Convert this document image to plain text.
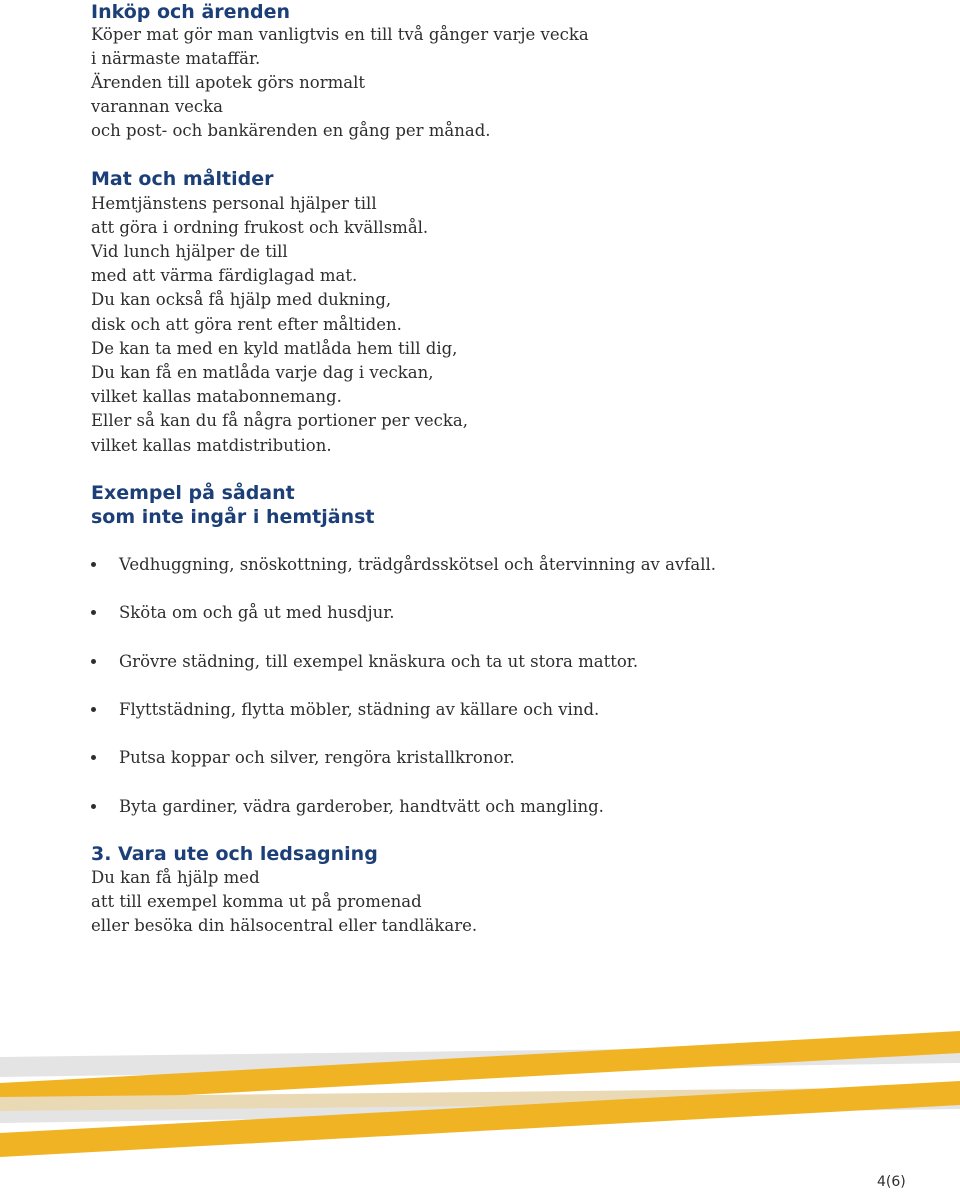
Inköp och ärenden

Köper mat gör man vanligtvis en till två gånger varje vecka

i närmaste mataffär.

Ärenden till apotek görs normalt

varannan vecka

och post- och bankärenden en gång per månad.

Mat och måltider

Hemtjänstens personal hjälper till

att göra i ordning frukost och kvällsmål.

Vid lunch hjälper de till

med att värma färdiglagad mat.

Du kan också få hjälp med dukning,

disk och att göra rent efter måltiden.

De kan ta med en kyld matlåda hem till dig,

Du kan få en matlåda varje dag i veckan,

vilket kallas matabonnemang.

Eller så kan du få några portioner per vecka,

vilket kallas matdistribution.

Exempel på sådant
som inte ingår i hemtjänst
Vedhuggning, snöskottning, trädgårdsskötsel och återvinning av avfall.
Sköta om och gå ut med husdjur.
Grövre städning, till exempel knäskura och ta ut stora mattor.
Flyttstädning, flytta möbler, städning av källare och vind.
Putsa koppar och silver, rengöra kristallkronor.
Byta gardiner, vädra garderober, handtvätt och mangling.
3. Vara ute och ledsagning

Du kan få hjälp med

att till exempel komma ut på promenad

eller besöka din hälsocentral eller tandläkare.

4(6)
